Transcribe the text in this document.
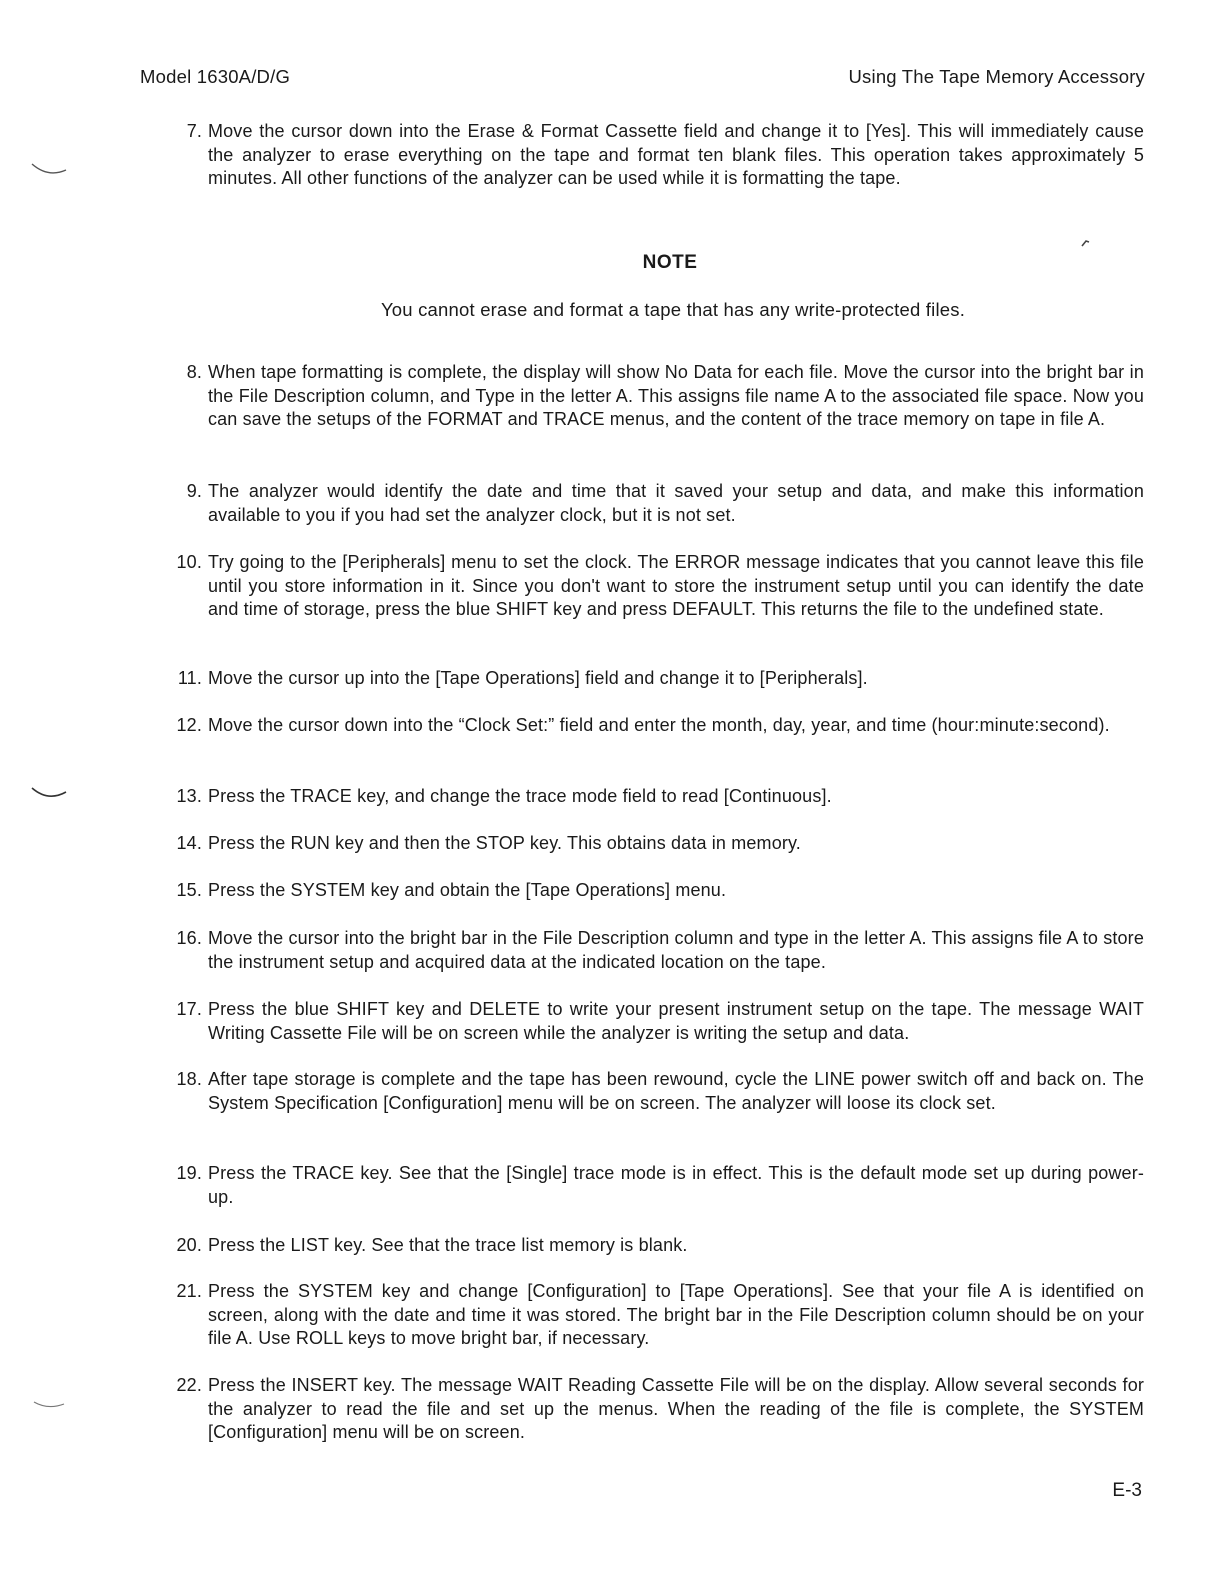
Model 1630A/D/G	Using The Tape Memory Accessory
7. Move the cursor down into the Erase & Format Cassette field and change it to [Yes]. This will immediately cause the analyzer to erase everything on the tape and format ten blank files. This operation takes approximately 5 minutes. All other functions of the analyzer can be used while it is formatting the tape.
NOTE
You cannot erase and format a tape that has any write-protected files.
8. When tape formatting is complete, the display will show No Data for each file. Move the cursor into the bright bar in the File Description column, and Type in the letter A. This assigns file name A to the associated file space. Now you can save the setups of the FORMAT and TRACE menus, and the content of the trace memory on tape in file A.
9. The analyzer would identify the date and time that it saved your setup and data, and make this information available to you if you had set the analyzer clock, but it is not set.
10. Try going to the [Peripherals] menu to set the clock. The ERROR message indicates that you cannot leave this file until you store information in it. Since you don't want to store the instrument setup until you can identify the date and time of storage, press the blue SHIFT key and press DEFAULT. This returns the file to the undefined state.
11. Move the cursor up into the [Tape Operations] field and change it to [Peripherals].
12. Move the cursor down into the “Clock Set:” field and enter the month, day, year, and time (hour:minute:second).
13. Press the TRACE key, and change the trace mode field to read [Continuous].
14. Press the RUN key and then the STOP key. This obtains data in memory.
15. Press the SYSTEM key and obtain the [Tape Operations] menu.
16. Move the cursor into the bright bar in the File Description column and type in the letter A. This assigns file A to store the instrument setup and acquired data at the indicated location on the tape.
17. Press the blue SHIFT key and DELETE to write your present instrument setup on the tape. The message WAIT Writing Cassette File will be on screen while the analyzer is writing the setup and data.
18. After tape storage is complete and the tape has been rewound, cycle the LINE power switch off and back on. The System Specification [Configuration] menu will be on screen. The analyzer will loose its clock set.
19. Press the TRACE key. See that the [Single] trace mode is in effect. This is the default mode set up during power-up.
20. Press the LIST key. See that the trace list memory is blank.
21. Press the SYSTEM key and change [Configuration] to [Tape Operations]. See that your file A is identified on screen, along with the date and time it was stored. The bright bar in the File Description column should be on your file A. Use ROLL keys to move bright bar, if necessary.
22. Press the INSERT key. The message WAIT Reading Cassette File will be on the display. Allow several seconds for the analyzer to read the file and set up the menus. When the reading of the file is complete, the SYSTEM [Configuration] menu will be on screen.
E-3
